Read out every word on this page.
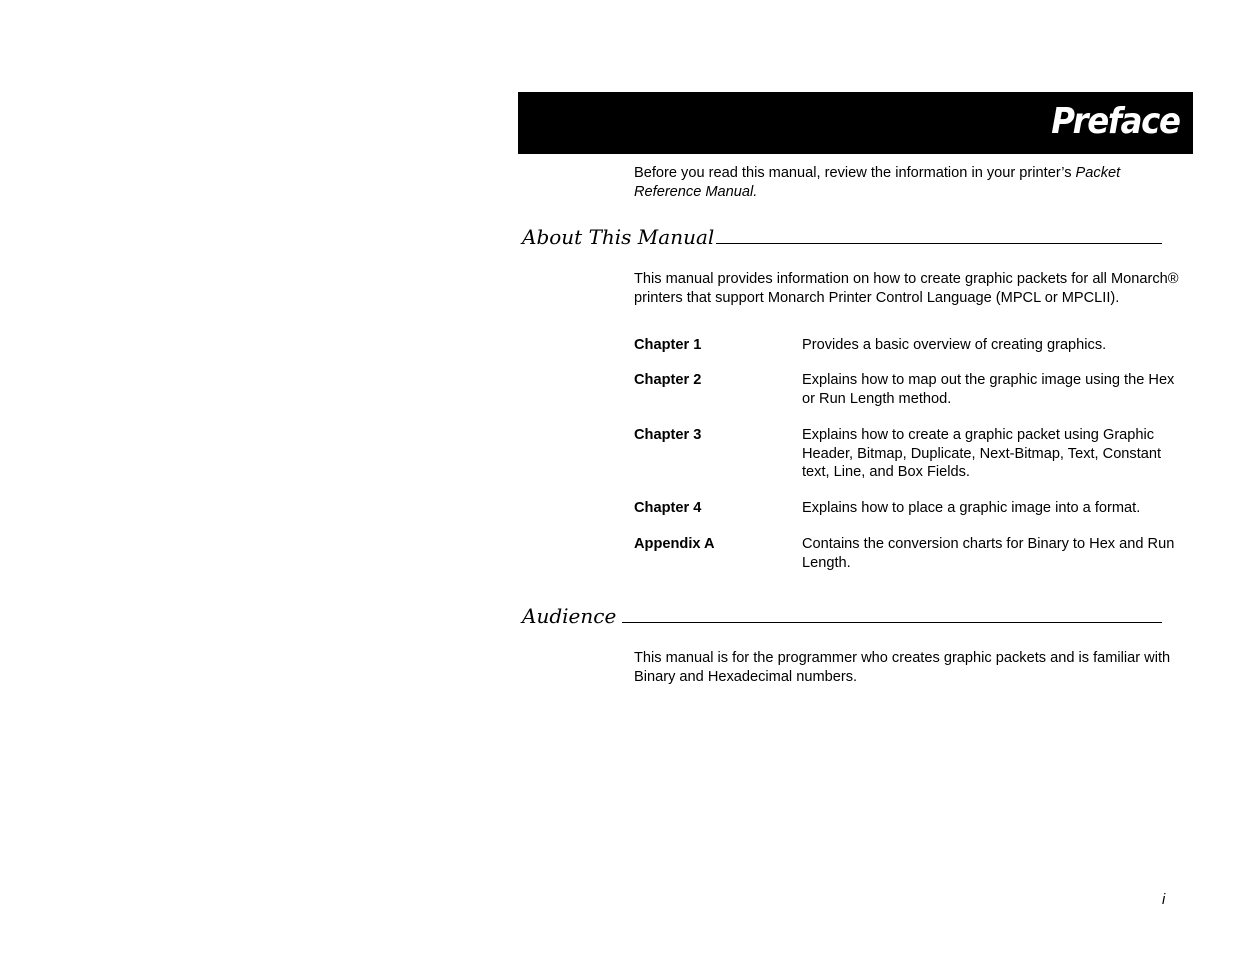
Preface
Before you read this manual, review the information in your printer’s Packet Reference Manual.
About This Manual
This manual provides information on how to create graphic packets for all Monarch® printers that support Monarch Printer Control Language (MPCL or MPCLII).
Chapter 1	Provides a basic overview of creating graphics.
Chapter 2	Explains how to map out the graphic image using the Hex or Run Length method.
Chapter 3	Explains how to create a graphic packet using Graphic Header, Bitmap, Duplicate, Next-Bitmap, Text, Constant text, Line, and Box Fields.
Chapter 4	Explains how to place a graphic image into a format.
Appendix A	Contains the conversion charts for Binary to Hex and Run Length.
Audience
This manual is for the programmer who creates graphic packets and is familiar with Binary and Hexadecimal numbers.
i
